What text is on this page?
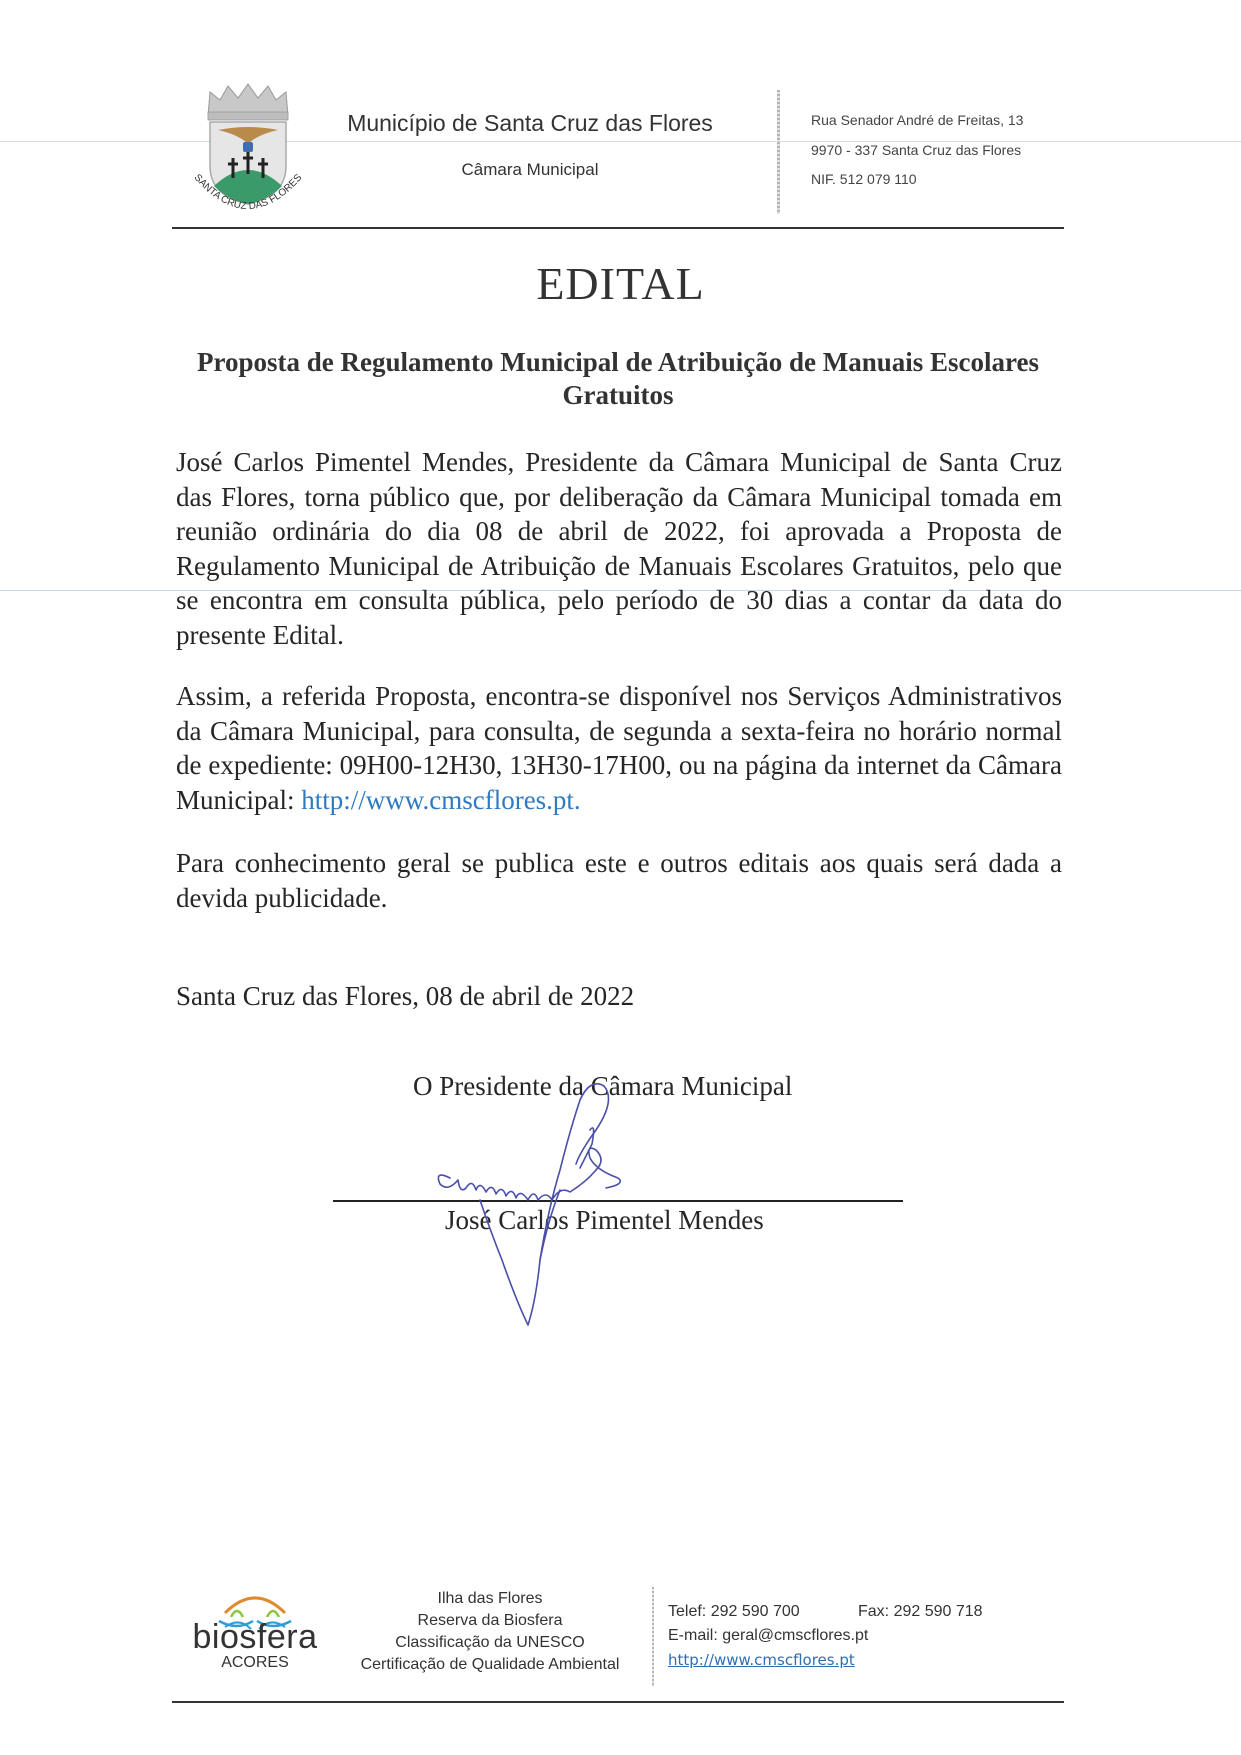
SANTA CRUZ DAS FLORES
Município de Santa Cruz das Flores
Câmara Municipal
Rua Senador André de Freitas, 13
9970 - 337 Santa Cruz das Flores
NIF. 512 079 110
EDITAL
Proposta de Regulamento Municipal de Atribuição de Manuais Escolares Gratuitos
José Carlos Pimentel Mendes, Presidente da Câmara Municipal de Santa Cruz das Flores, torna público que, por deliberação da Câmara Municipal tomada em reunião ordinária do dia 08 de abril de 2022, foi aprovada a Proposta de Regulamento Municipal de Atribuição de Manuais Escolares Gratuitos, pelo que se encontra em consulta pública, pelo período de 30 dias a contar da data do presente Edital.
Assim, a referida Proposta, encontra-se disponível nos Serviços Administrativos da Câmara Municipal, para consulta, de segunda a sexta-feira no horário normal de expediente: 09H00-12H30, 13H30-17H00, ou na página da internet da Câmara Municipal: http://www.cmscflores.pt.
Para conhecimento geral se publica este e outros editais aos quais será dada a devida publicidade.
Santa Cruz das Flores, 08 de abril de 2022
O Presidente da Câmara Municipal
José Carlos Pimentel Mendes
biosfera
ACORES
Ilha das Flores
Reserva da Biosfera
Classificação da UNESCO
Certificação de Qualidade Ambiental
Telef: 292 590 700	Fax: 292 590 718
E-mail: geral@cmscflores.pt
http://www.cmscflores.pt
